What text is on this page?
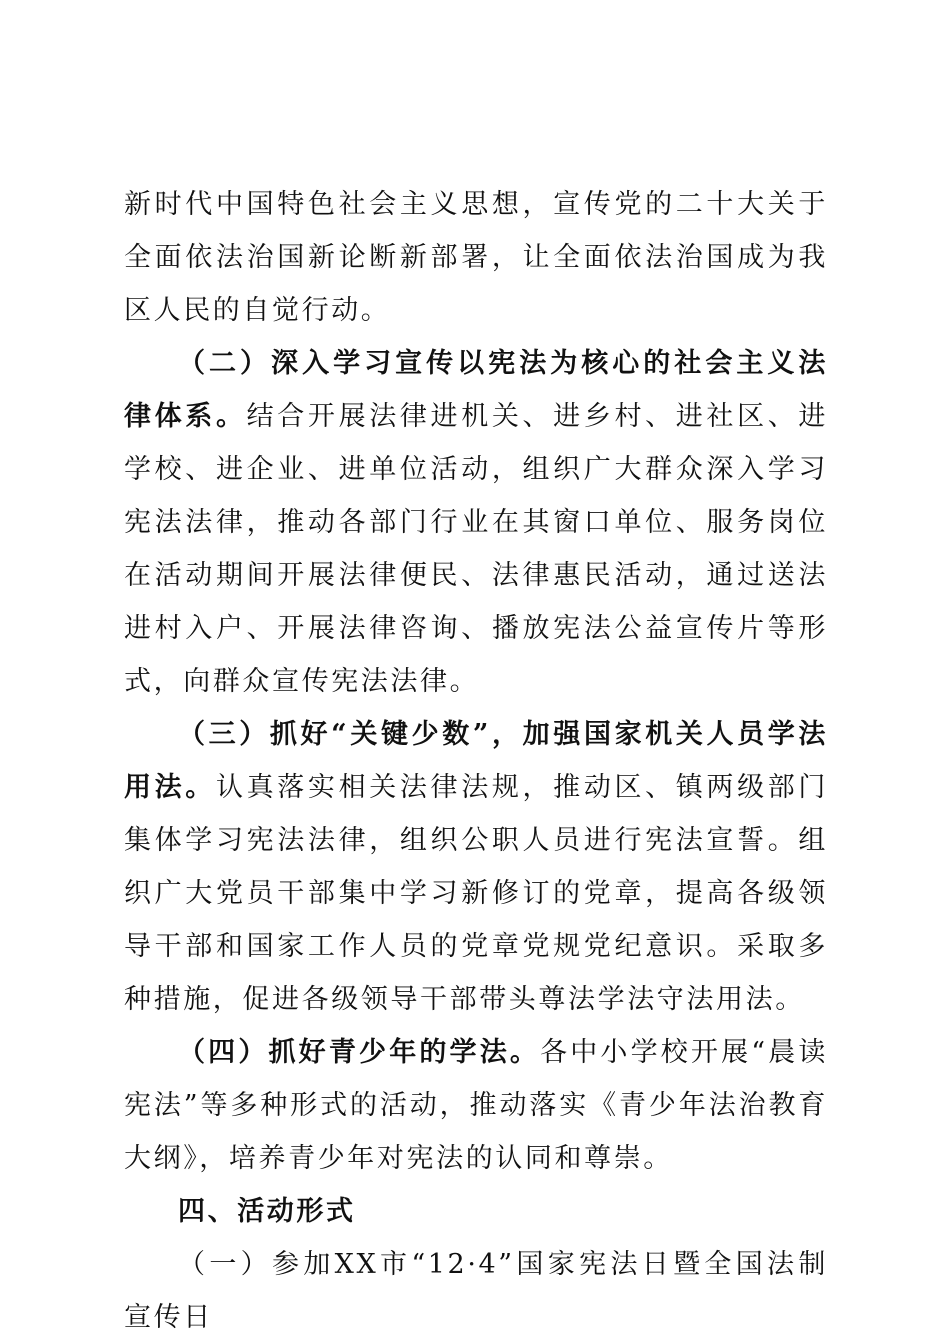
新时代中国特色社会主义思想，宣传党的二十大关于全面依法治国新论断新部署，让全面依法治国成为我区人民的自觉行动。

（二）深入学习宣传以宪法为核心的社会主义法律体系。结合开展法律进机关、进乡村、进社区、进学校、进企业、进单位活动，组织广大群众深入学习宪法法律，推动各部门行业在其窗口单位、服务岗位在活动期间开展法律便民、法律惠民活动，通过送法进村入户、开展法律咨询、播放宪法公益宣传片等形式，向群众宣传宪法法律。

（三）抓好“关键少数”，加强国家机关人员学法用法。认真落实相关法律法规，推动区、镇两级部门集体学习宪法法律，组织公职人员进行宪法宣誓。组织广大党员干部集中学习新修订的党章，提高各级领导干部和国家工作人员的党章党规党纪意识。采取多种措施，促进各级领导干部带头尊法学法守法用法。

（四）抓好青少年的学法。各中小学校开展“晨读宪法”等多种形式的活动，推动落实《青少年法治教育大纲》，培养青少年对宪法的认同和尊崇。

四、活动形式

（一）参加XX市“12·4”国家宪法日暨全国法制宣传日
